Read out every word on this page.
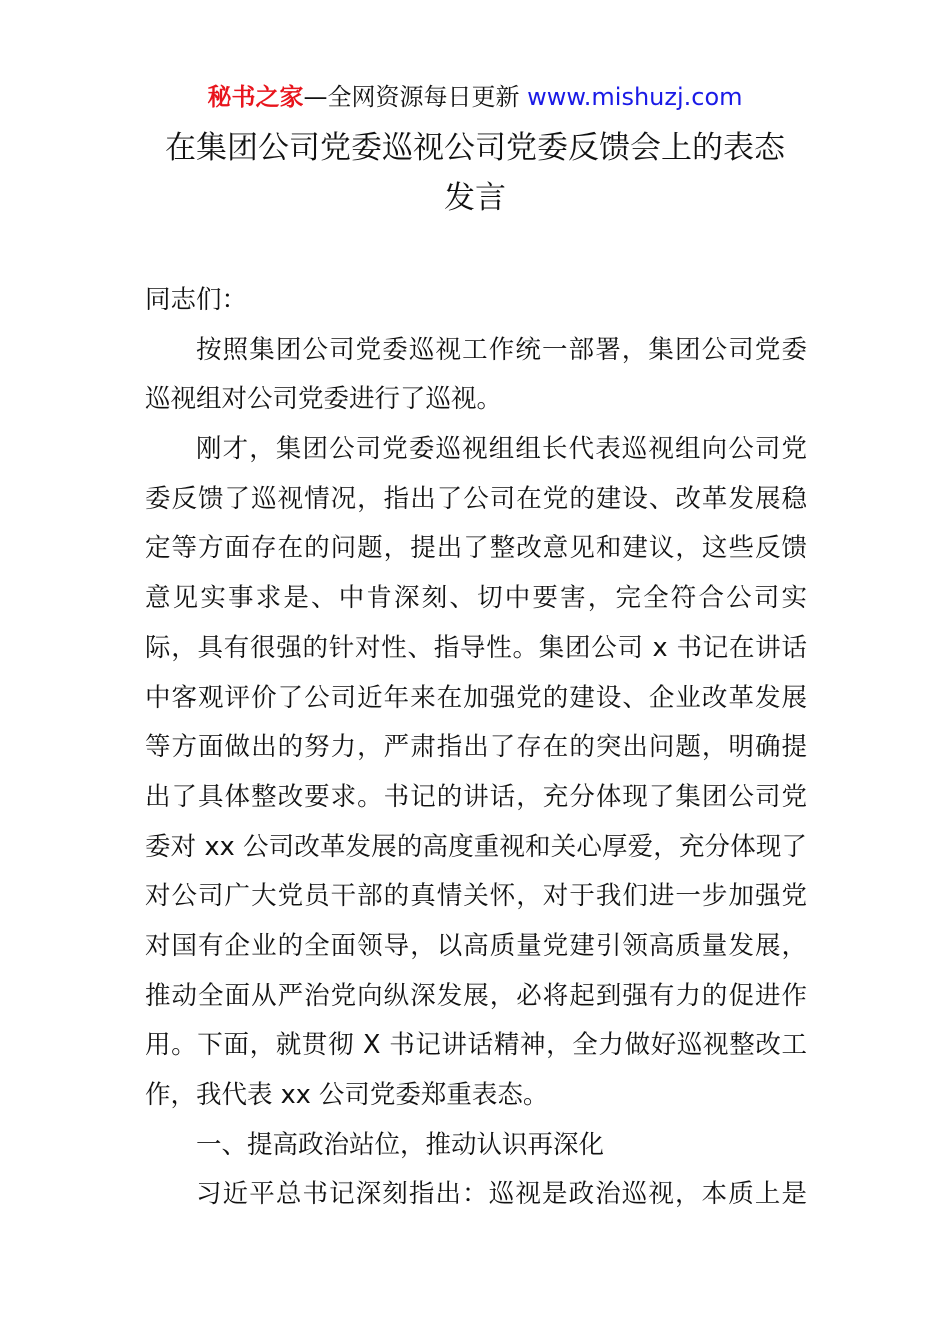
秘书之家—全网资源每日更新 www.mishuzj.com
在集团公司党委巡视公司党委反馈会上的表态
发言
同志们：
按照集团公司党委巡视工作统一部署，集团公司党委
巡视组对公司党委进行了巡视。
刚才，集团公司党委巡视组组长代表巡视组向公司党
委反馈了巡视情况，指出了公司在党的建设、改革发展稳
定等方面存在的问题，提出了整改意见和建议，这些反馈
意见实事求是、中肯深刻、切中要害，完全符合公司实
际，具有很强的针对性、指导性。集团公司 x 书记在讲话
中客观评价了公司近年来在加强党的建设、企业改革发展
等方面做出的努力，严肃指出了存在的突出问题，明确提
出了具体整改要求。书记的讲话，充分体现了集团公司党
委对 xx 公司改革发展的高度重视和关心厚爱，充分体现了
对公司广大党员干部的真情关怀，对于我们进一步加强党
对国有企业的全面领导，以高质量党建引领高质量发展，
推动全面从严治党向纵深发展，必将起到强有力的促进作
用。下面，就贯彻 X 书记讲话精神，全力做好巡视整改工
作，我代表 xx 公司党委郑重表态。
一、提高政治站位，推动认识再深化
习近平总书记深刻指出：巡视是政治巡视，本质上是
